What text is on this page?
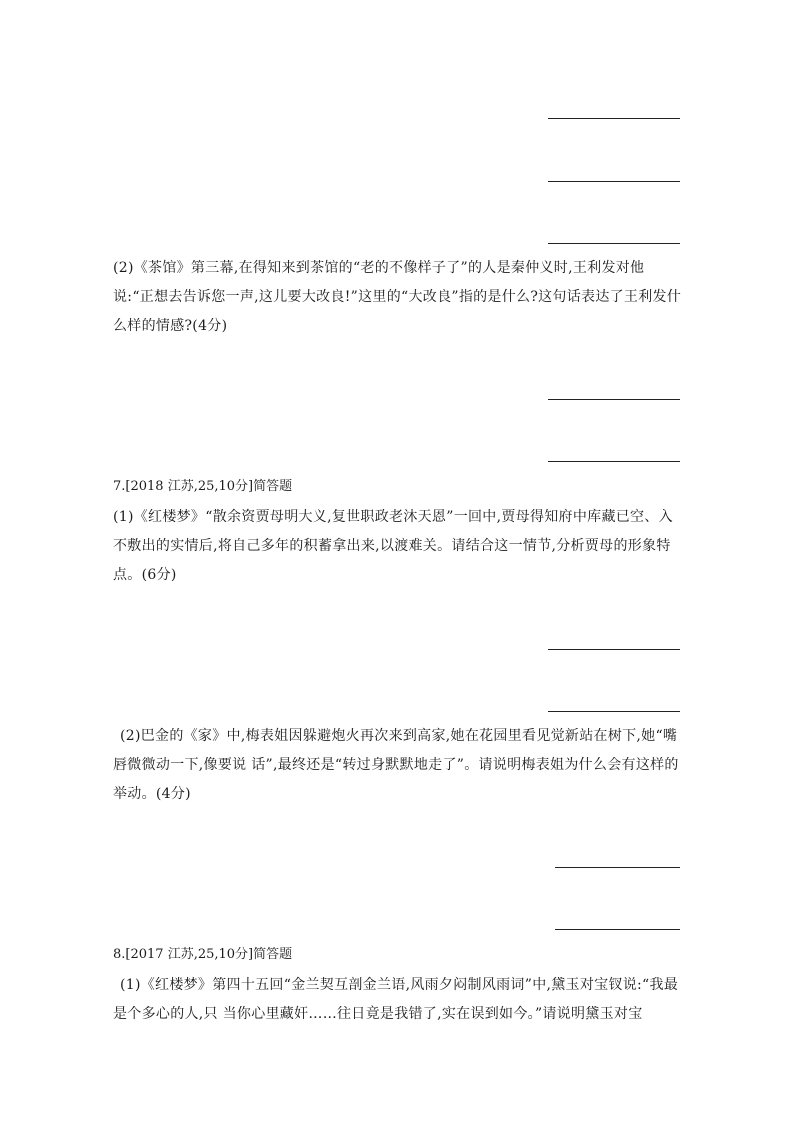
(2)《茶馆》第三幕,在得知来到茶馆的“老的不像样子了”的人是秦仲义时,王利发对他说:“正想去告诉您一声,这儿要大改良!”这里的“大改良”指的是什么?这句话表达了王利发什么样的情感?(4分)

7.[2018 江苏,25,10分]简答题

(1)《红楼梦》“散余资贾母明大义,复世职政老沐天恩”一回中,贾母得知府中库藏已空、入不敷出的实情后,将自己多年的积蓄拿出来,以渡难关。请结合这一情节,分析贾母的形象特点。(6分)

(2)巴金的《家》中,梅表姐因躲避炮火再次来到高家,她在花园里看见觉新站在树下,她“嘴唇微微动一下,像要说 话”,最终还是“转过身默默地走了”。请说明梅表姐为什么会有这样的举动。(4分)

8.[2017 江苏,25,10分]简答题

(1)《红楼梦》第四十五回“金兰契互剖金兰语,风雨夕闷制风雨词”中,黛玉对宝钗说:“我最是个多心的人,只 当你心里藏奸……往日竟是我错了,实在误到如今。”请说明黛玉对宝
